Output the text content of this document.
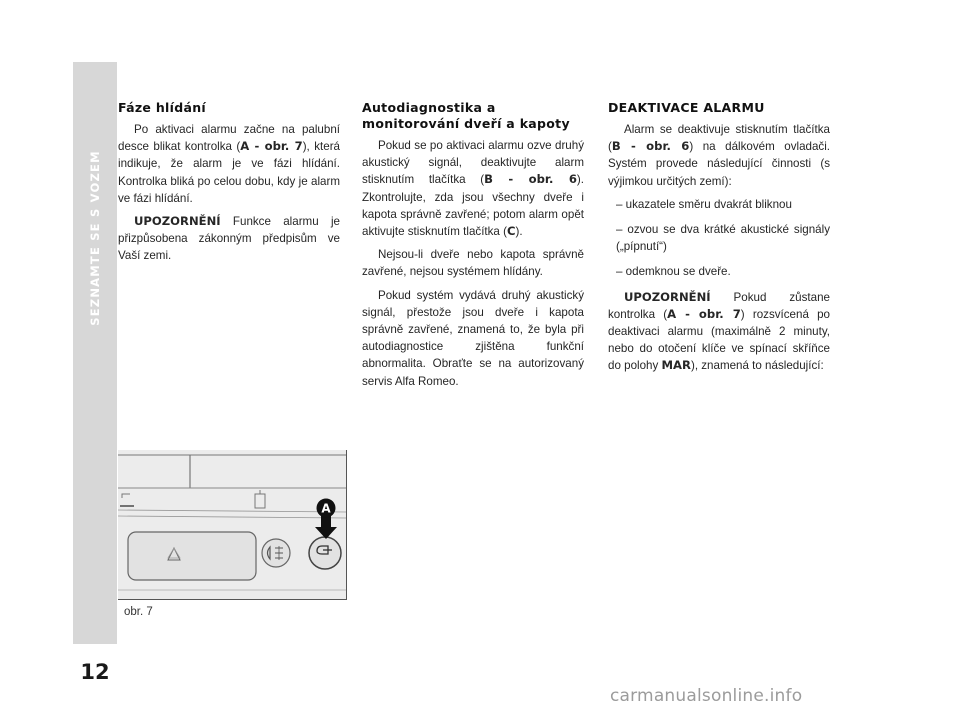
SEZNAMTE SE S VOZEM
12
Fáze hlídání

Po aktivaci alarmu začne na palubní desce blikat kontrolka (A - obr. 7), která indikuje, že alarm je ve fázi hlídání. Kontrolka bliká po celou dobu, kdy je alarm ve fázi hlídání.

UPOZORNĚNÍ Funkce alarmu je přizpůsobena zákonným předpisům ve Vaší zemi.

Autodiagnostika a monitorování dveří a kapoty

Pokud se po aktivaci alarmu ozve druhý akustický signál, deaktivujte alarm stisknutím tlačítka (B - obr. 6). Zkontrolujte, zda jsou všechny dveře i kapota správně zavřené; potom alarm opět aktivujte stisknutím tlačítka (C).

Nejsou-li dveře nebo kapota správně zavřené, nejsou systémem hlídány.

Pokud systém vydává druhý akustický signál, přestože jsou dveře i kapota správně zavřené, znamená to, že byla při autodiagnostice zjištěna funkční abnormalita. Obraťte se na autorizovaný servis Alfa Romeo.

DEAKTIVACE ALARMU

Alarm se deaktivuje stisknutím tlačítka (B - obr. 6) na dálkovém ovladači. Systém provede následující činnosti (s výjimkou určitých zemí):

– ukazatele směru dvakrát bliknou

– ozvou se dva krátké akustické signály („pípnutí“)

– odemknou se dveře.

UPOZORNĚNÍ Pokud zůstane kontrolka (A - obr. 7) rozsvícená po deaktivaci alarmu (maximálně 2 minuty, nebo do otočení klíče ve spínací skříňce do polohy MAR), znamená to následující:

A
obr. 7
carmanualsonline.info
